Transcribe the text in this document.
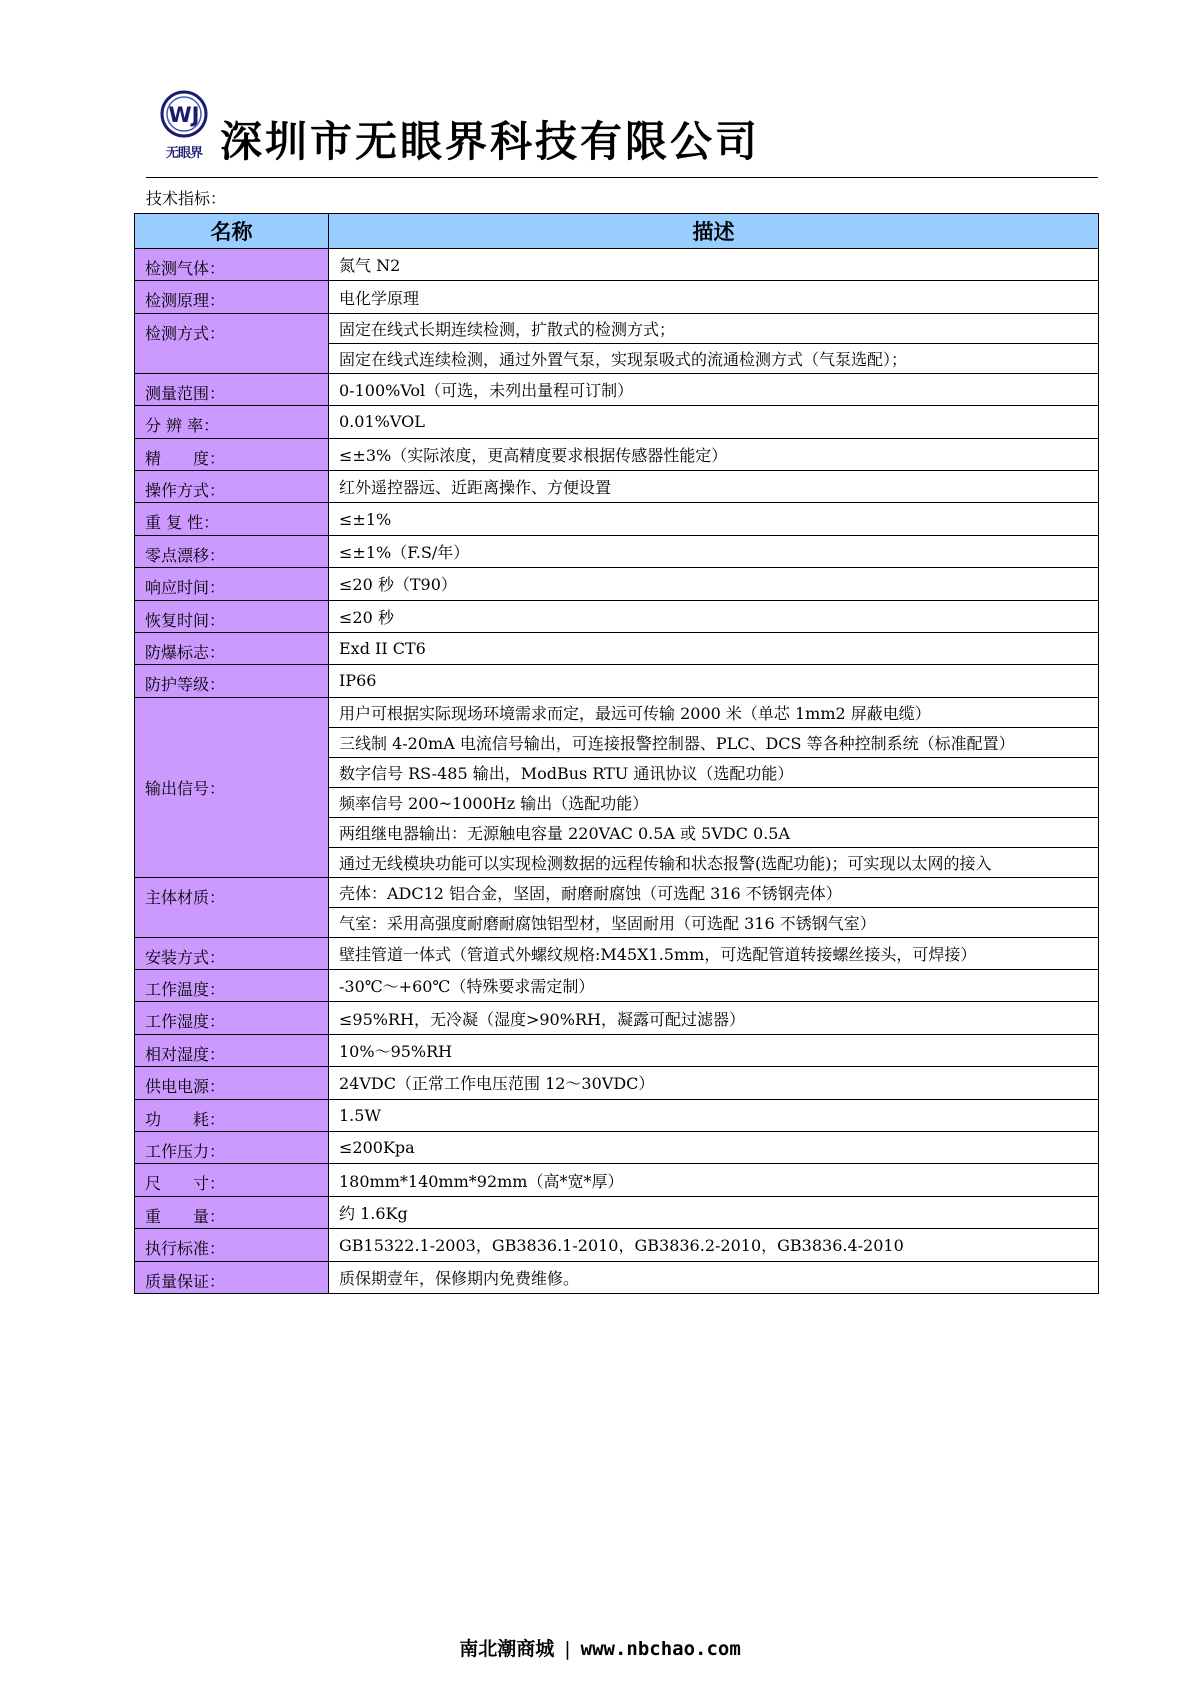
WJ
无眼界 深圳市无眼界科技有限公司
技术指标：
名称	描述
检测气体：	氮气 N2
检测原理：	电化学原理
检测方式：	固定在线式长期连续检测，扩散式的检测方式；
	固定在线式连续检测，通过外置气泵，实现泵吸式的流通检测方式（气泵选配）；
测量范围：	0-100%Vol（可选，未列出量程可订制）
分 辨 率：	0.01%VOL
精　　度：	≤±3%（实际浓度，更高精度要求根据传感器性能定）
操作方式：	红外遥控器远、近距离操作、方便设置
重 复 性：	≤±1%
零点漂移：	≤±1%（F.S/年）
响应时间：	≤20 秒（T90）
恢复时间：	≤20 秒
防爆标志：	Exd II CT6
防护等级：	IP66
输出信号：	用户可根据实际现场环境需求而定，最远可传输 2000 米（单芯 1mm2 屏蔽电缆）
	三线制 4-20mA 电流信号输出，可连接报警控制器、PLC、DCS 等各种控制系统（标准配置）
	数字信号 RS-485 输出，ModBus RTU 通讯协议（选配功能）
	频率信号 200~1000Hz 输出（选配功能）
	两组继电器输出：无源触电容量 220VAC 0.5A 或 5VDC 0.5A
	通过无线模块功能可以实现检测数据的远程传输和状态报警(选配功能)；可实现以太网的接入
主体材质：	壳体：ADC12 铝合金，坚固，耐磨耐腐蚀（可选配 316 不锈钢壳体）
	气室：采用高强度耐磨耐腐蚀铝型材，坚固耐用（可选配 316 不锈钢气室）
安装方式：	壁挂管道一体式（管道式外螺纹规格:M45X1.5mm，可选配管道转接螺丝接头，可焊接）
工作温度：	-30℃～+60℃（特殊要求需定制）
工作湿度：	≤95%RH，无冷凝（湿度>90%RH，凝露可配过滤器）
相对湿度：	10%～95%RH
供电电源：	24VDC（正常工作电压范围 12～30VDC）
功　　耗：	1.5W
工作压力：	≤200Kpa
尺　　寸：	180mm*140mm*92mm（高*宽*厚）
重　　量：	约 1.6Kg
执行标准：	GB15322.1-2003，GB3836.1-2010，GB3836.2-2010，GB3836.4-2010
质量保证：	质保期壹年，保修期内免费维修。
南北潮商城 | www.nbchao.com
